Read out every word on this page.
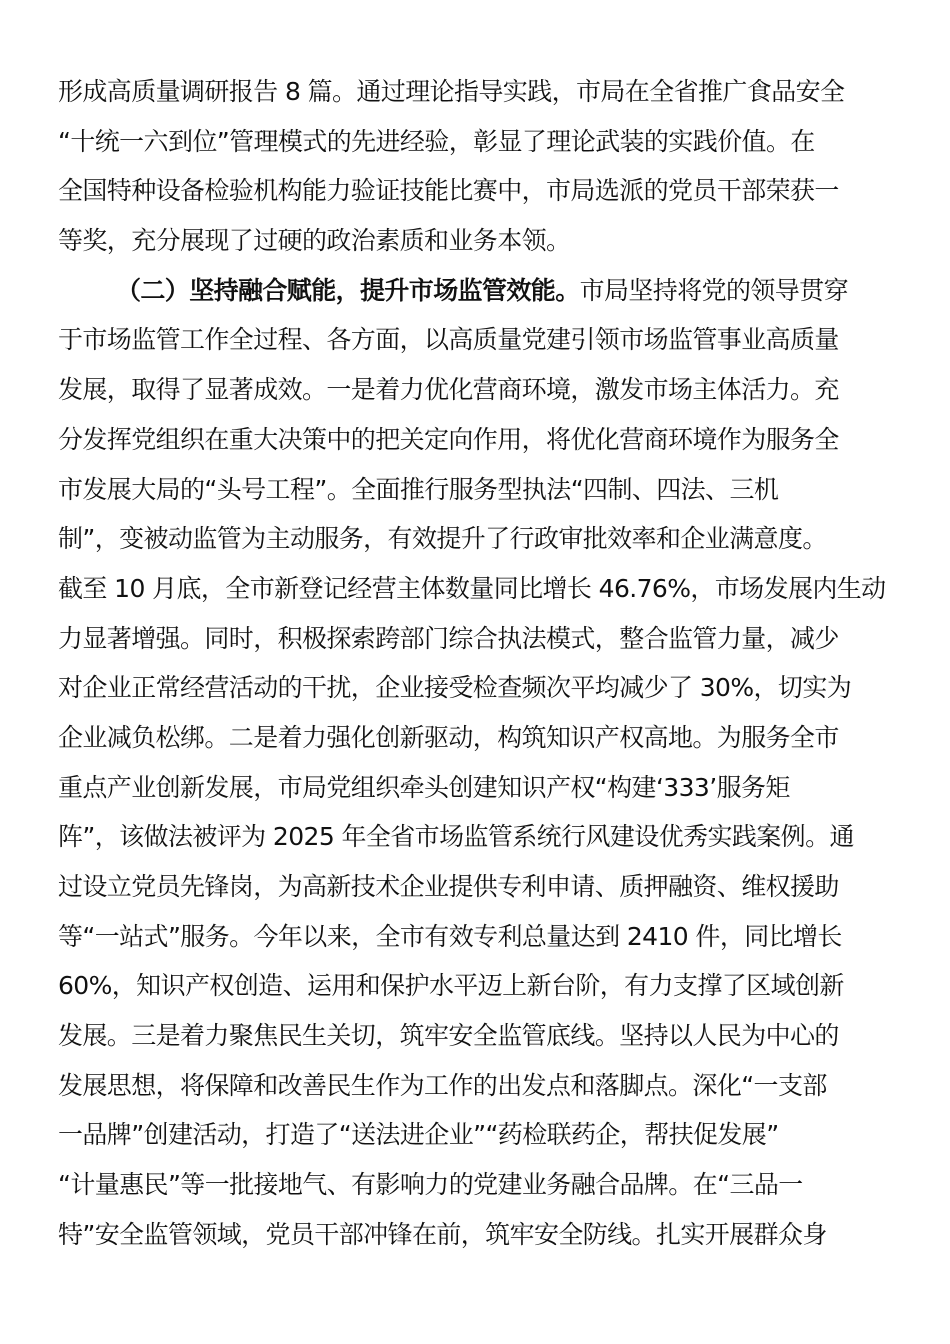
形成高质量调研报告 8 篇。通过理论指导实践，市局在全省推广食品安全
“十统一六到位”管理模式的先进经验，彰显了理论武装的实践价值。在
全国特种设备检验机构能力验证技能比赛中，市局选派的党员干部荣获一
等奖，充分展现了过硬的政治素质和业务本领。
（二）坚持融合赋能，提升市场监管效能。市局坚持将党的领导贯穿
于市场监管工作全过程、各方面，以高质量党建引领市场监管事业高质量
发展，取得了显著成效。一是着力优化营商环境，激发市场主体活力。充
分发挥党组织在重大决策中的把关定向作用，将优化营商环境作为服务全
市发展大局的“头号工程”。全面推行服务型执法“四制、四法、三机
制”，变被动监管为主动服务，有效提升了行政审批效率和企业满意度。
截至 10 月底，全市新登记经营主体数量同比增长 46.76%，市场发展内生动
力显著增强。同时，积极探索跨部门综合执法模式，整合监管力量，减少
对企业正常经营活动的干扰，企业接受检查频次平均减少了 30%，切实为
企业减负松绑。二是着力强化创新驱动，构筑知识产权高地。为服务全市
重点产业创新发展，市局党组织牵头创建知识产权“构建‘333’服务矩
阵”，该做法被评为 2025 年全省市场监管系统行风建设优秀实践案例。通
过设立党员先锋岗，为高新技术企业提供专利申请、质押融资、维权援助
等“一站式”服务。今年以来，全市有效专利总量达到 2410 件，同比增长
60%，知识产权创造、运用和保护水平迈上新台阶，有力支撑了区域创新
发展。三是着力聚焦民生关切，筑牢安全监管底线。坚持以人民为中心的
发展思想，将保障和改善民生作为工作的出发点和落脚点。深化“一支部
一品牌”创建活动，打造了“送法进企业”“药检联药企，帮扶促发展”
“计量惠民”等一批接地气、有影响力的党建业务融合品牌。在“三品一
特”安全监管领域，党员干部冲锋在前，筑牢安全防线。扎实开展群众身
